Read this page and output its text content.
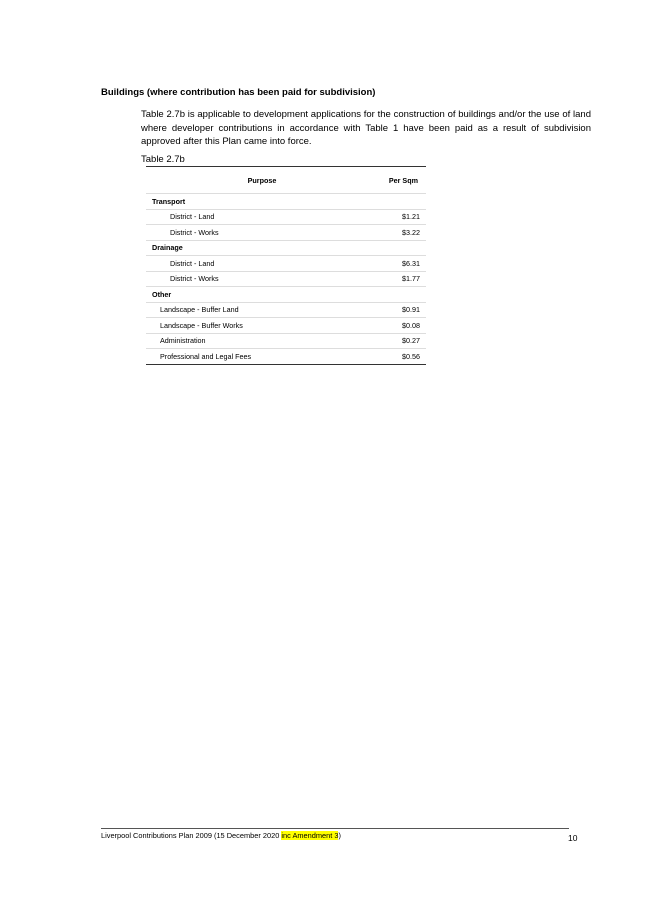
Buildings (where contribution has been paid for subdivision)
Table 2.7b is applicable to development applications for the construction of buildings and/or the use of land where developer contributions in accordance with Table 1 have been paid as a result of subdivision approved after this Plan came into force.
Table 2.7b
Purpose	Per Sqm
Transport
District - Land	$1.21
District - Works	$3.22
Drainage
District - Land	$6.31
District - Works	$1.77
Other
Landscape - Buffer Land	$0.91
Landscape - Buffer Works	$0.08
Administration	$0.27
Professional and Legal Fees	$0.56
Liverpool Contributions Plan 2009 (15 December 2020 inc Amendment 3)	10
